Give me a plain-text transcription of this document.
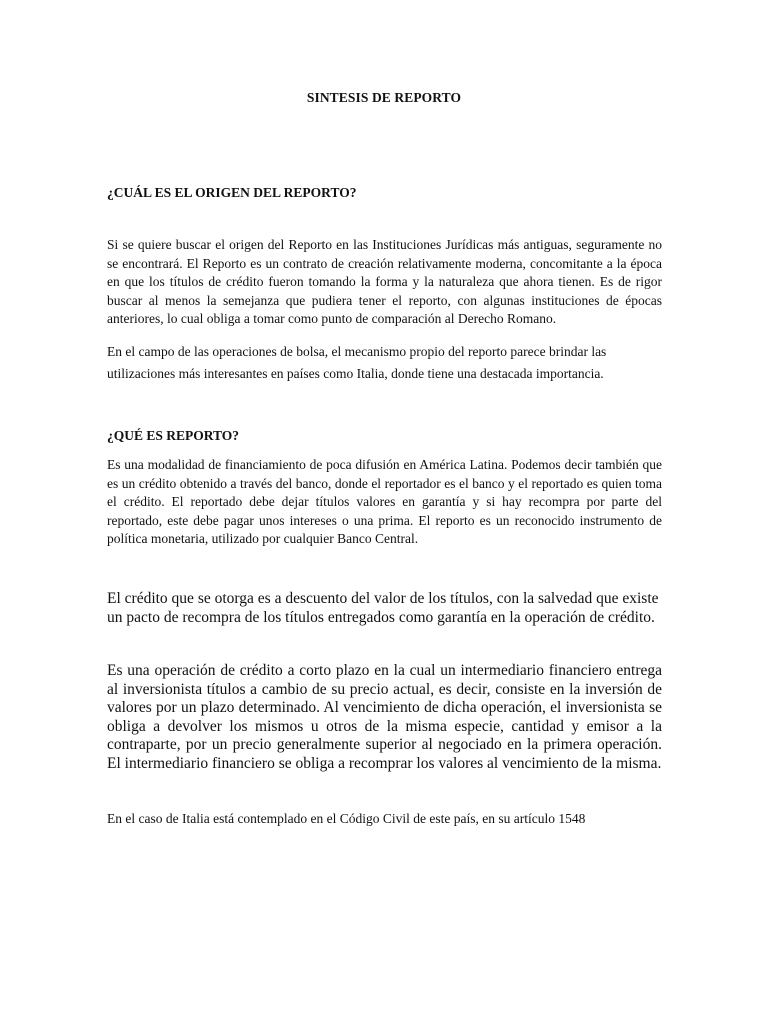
SINTESIS DE REPORTO
¿CUÁL ES EL ORIGEN DEL REPORTO?

Si se quiere buscar el origen del Reporto en las Instituciones Jurídicas más antiguas, seguramente no se encontrará. El Reporto es un contrato de creación relativamente moderna, concomitante a la época en que los títulos de crédito fueron tomando la forma y la naturaleza que ahora tienen. Es de rigor buscar al menos la semejanza que pudiera tener el reporto, con algunas instituciones de épocas anteriores, lo cual obliga a tomar como punto de comparación al Derecho Romano.

En el campo de las operaciones de bolsa, el mecanismo propio del reporto parece brindar las utilizaciones más interesantes en países como Italia, donde tiene una destacada importancia.

¿QUÉ ES REPORTO?

Es una modalidad de financiamiento de poca difusión en América Latina. Podemos decir también que es un crédito obtenido a través del banco, donde el reportador es el banco y el reportado es quien toma el crédito. El reportado debe dejar títulos valores en garantía y si hay recompra por parte del reportado, este debe pagar unos intereses o una prima. El reporto es un reconocido instrumento de política monetaria, utilizado por cualquier Banco Central.

El crédito que se otorga es a descuento del valor de los títulos, con la salvedad que existe un pacto de recompra de los títulos entregados como garantía en la operación de crédito.

Es una operación de crédito a corto plazo en la cual un intermediario financiero entrega al inversionista títulos a cambio de su precio actual, es decir, consiste en la inversión de valores por un plazo determinado. Al vencimiento de dicha operación, el inversionista se obliga a devolver los mismos u otros de la misma especie, cantidad y emisor a la contraparte, por un precio generalmente superior al negociado en la primera operación. El intermediario financiero se obliga a recomprar los valores al vencimiento de la misma.

En el caso de Italia está contemplado en el Código Civil de este país, en su artículo 1548
